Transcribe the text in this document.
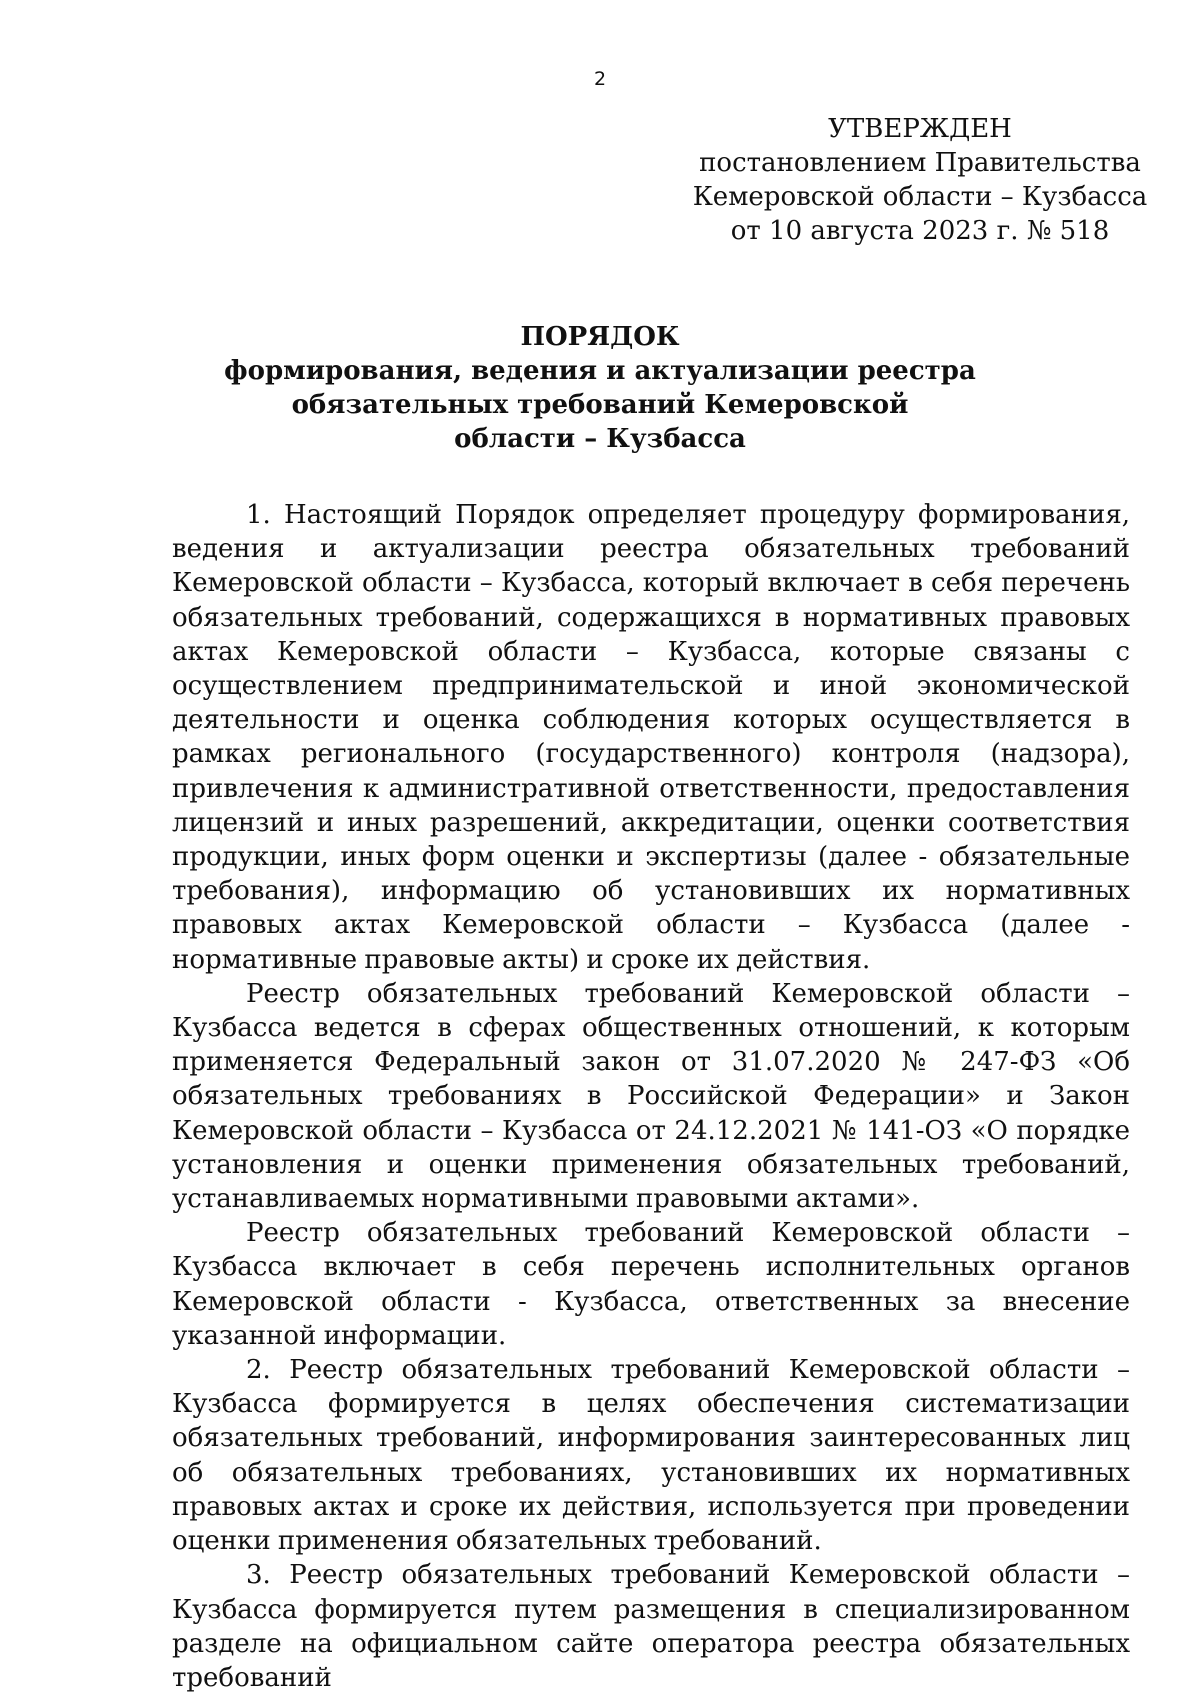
2
УТВЕРЖДЕН
постановлением Правительства
Кемеровской области – Кузбасса
от 10 августа 2023 г. № 518
ПОРЯДОК
формирования, ведения и актуализации реестра
обязательных требований Кемеровской
области – Кузбасса

1. Настоящий Порядок определяет процедуру формирования, ведения и актуализации реестра обязательных требований Кемеровской области – Кузбасса, который включает в себя перечень обязательных требований, содержащихся в нормативных правовых актах Кемеровской области – Кузбасса, которые связаны с осуществлением предпринимательской и иной экономической деятельности и оценка соблюдения которых осуществляется в рамках регионального (государственного) контроля (надзора), привлечения к административной ответственности, предоставления лицензий и иных разрешений, аккредитации, оценки соответствия продукции, иных форм оценки и экспертизы (далее - обязательные требования), информацию об установивших их нормативных правовых актах Кемеровской области – Кузбасса (далее - нормативные правовые акты) и сроке их действия.

Реестр обязательных требований Кемеровской области – Кузбасса ведется в сферах общественных отношений, к которым применяется Федеральный закон от 31.07.2020 № 247-ФЗ «Об обязательных требованиях в Российской Федерации» и Закон Кемеровской области – Кузбасса от 24.12.2021 № 141-ОЗ «О порядке установления и оценки применения обязательных требований, устанавливаемых нормативными правовыми актами».

Реестр обязательных требований Кемеровской области – Кузбасса включает в себя перечень исполнительных органов Кемеровской области - Кузбасса, ответственных за внесение указанной информации.

2. Реестр обязательных требований Кемеровской области – Кузбасса формируется в целях обеспечения систематизации обязательных требований, информирования заинтересованных лиц об обязательных требованиях, установивших их нормативных правовых актах и сроке их действия, используется при проведении оценки применения обязательных требований.

3. Реестр обязательных требований Кемеровской области – Кузбасса формируется путем размещения в специализированном разделе на официальном сайте оператора реестра обязательных требований
